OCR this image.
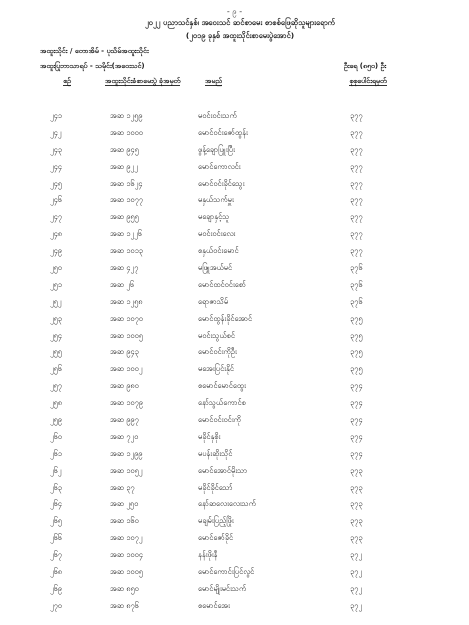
- ၉ -
၂၀၂၂ ပညာသင်နှစ်၊ အဝေးသင် ဆင်စာမေး စာစစ်ဖြေဆိုသူများရောက်
(၂၀၁၉ ခုနှစ် အထူးသိုင်းစာမေးပွဲအောင်)
အထူးသိုင်း / တောအိမ် - ပုသိမ်အထူးသိုင်း
အထူးပြုဘာသာရပ် - သမိုင်း(အဝေးသင်)	ဦးရေ (၈၅၀) ဦး
စဉ်	အထူးသိုင်းခံစာမေးပွဲ ခုံအမှတ်	အမည်	စုစုပေါင်းရမှတ်
၂၄၁	အဆ ၁၂၅၉	မဝင်းဝင်းသက်	၃၇၇
၂၄၂	အဆ ၁၀၀၀	မောင်ဝင်းဇော်ထွန်း	၃၇၇
၂၄၃	အဆ ၉၄၅	ဖွန့်ချောပြူးပြီး	၃၇၇
၂၄၄	အဆ ၉၂၂	မောင်ကောလင်း	၃၇၇
၂၄၅	အဆ ၁၆၂၄	မောင်ဝင်းခိုင်သွေး	၃၇၇
၂၄၆	အဆ ၁၀၇၇	မနှယ်သက်မှူး	၃၇၇
၂၄၇	အဆ ၉၅၅	မချောနှင့်သူ	၃၇၇
၂၄၈	အဆ ၁၂၂၆	မဝင်းဝင်းလေး	၃၇၇
၂၄၉	အဆ ၁၀၁၃	စနှယ်ဝင်းမောင်	၃၇၇
၂၅၀	အဆ ၄၂၇	မဖြူအယ်မင်	၃၇၆
၂၅၁	အဆ ၂၆	မောင်ထင်ဝင်းစော်	၃၇၆
၂၅၂	အဆ ၁၂၅၈	ရောဇာသိမ်	၃၇၆
၂၅၃	အဆ ၁၀၇၀	မောင်ထွန်းခိုင်အောင်	၃၇၅
၂၅၄	အဆ ၁၀၀၅	မဝင်းသွယ်စင်	၃၇၅
၂၅၅	အဆ ၉၄၃	မောင်ဝင်းကိုဦး	၃၇၅
၂၅၆	အဆ ၁၀၀၂	မအေးပြင်းနိုင်	၃၇၅
၂၅၇	အဆ ၉၈၀	စမောင်မောင်ထွေး	၃၇၄
၂၅၈	အဆ ၁၀၇၉	နော်သွယ်ကောင်စ	၃၇၄
၂၅၉	အဆ ၉၉၇	မောင်ဝင်းဝင်းကို	၃၇၄
၂၆၀	အဆ ၇၂၀	မခိုင်နုစိုး	၃၇၄
၂၆၁	အဆ ၁၂၉၉	မပန်းဆိုးသိုင်	၃၇၄
၂၆၂	အဆ ၁၀၅၂	မောင်အောင်မိုးသာ	၃၇၃
၂၆၃	အဆ ၃၇	မခိုင်ခိုင်သော်	၃၇၃
၂၆၄	အဆ ၂၅၀	နော်ဆလေးလေးသက်	၃၇၃
၂၆၅	အဆ ၁၆၀	မချမ်းပြည့်ဖြိုး	၃၇၃
၂၆၆	အဆ ၁၀၇၂	မောင်ဇော်ခိုင်	၃၇၃
၂၆၇	အဆ ၁၀၀၄	နန်းဖိုးနီ	၃၇၂
၂၆၈	အဆ ၁၀၀၅	မောင်ကောင်းပြင်လွင်	၃၇၂
၂၆၉	အဆ ၈၅၀	မောင်မျိုးမင်းသက်	၃၇၂
၂၇၀	အဆ ၈၇၆	စမောင်အေး	၃၇၂
